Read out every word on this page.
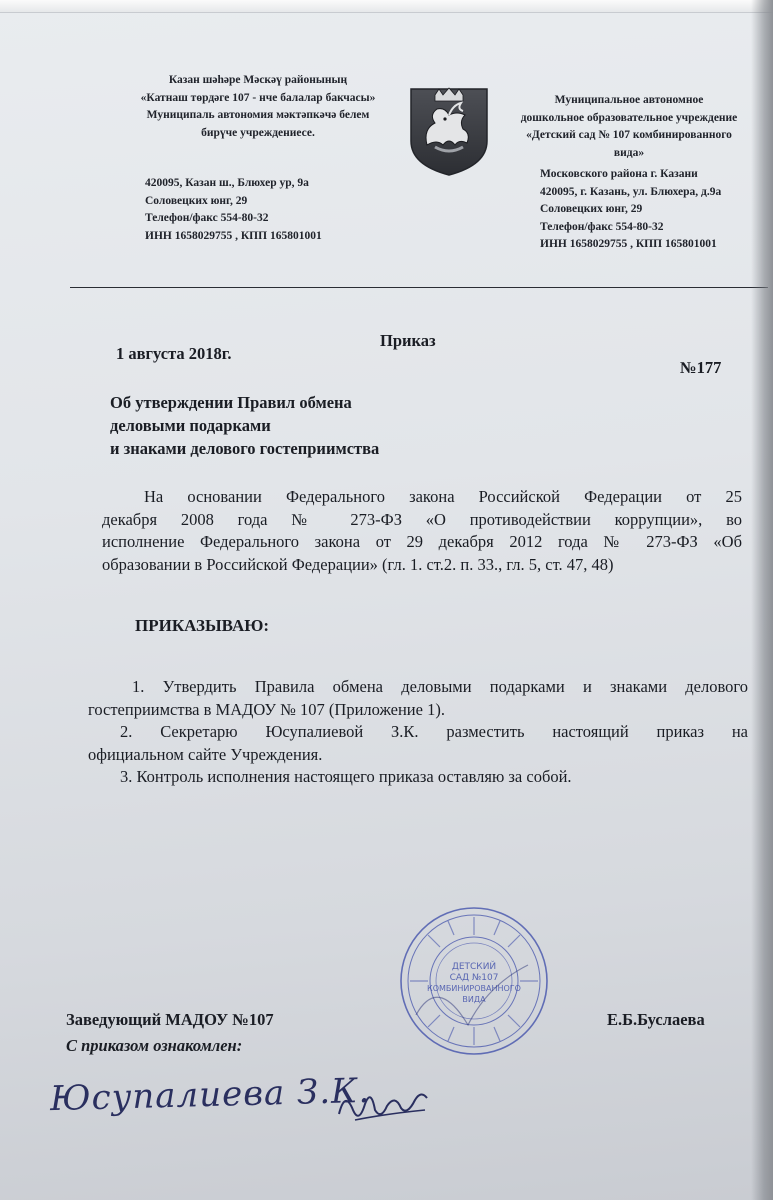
Казан шәһәре Мәскәү районының
«Катнаш төрдәге 107 - нче балалар бакчасы»
Муниципаль автономия мәктәпкәчә белем
бирүче учреждениесе.
420095, Казан ш., Блюхер ур, 9а
Соловецких юнг, 29
Телефон/факс 554-80-32
ИНН 1658029755 , КПП 165801001
Муниципальное автономное
дошкольное образовательное учреждение
«Детский сад № 107 комбинированного
вида»
Московского района г. Казани
420095, г. Казань, ул. Блюхера, д.9а
Соловецких юнг, 29
Телефон/факс 554-80-32
ИНН 1658029755 , КПП 165801001
Приказ
1 августа 2018г.
№177
Об утверждении Правил обмена
деловыми подарками
и знаками делового гостеприимства
На основании Федерального закона Российской Федерации от 25
декабря 2008 года № 273-ФЗ «О противодействии коррупции», во
исполнение Федерального закона от 29 декабря 2012 года № 273-ФЗ «Об
образовании в Российской Федерации» (гл. 1. ст.2. п. 33., гл. 5, ст. 47, 48)
ПРИКАЗЫВАЮ:
1. Утвердить Правила обмена деловыми подарками и знаками делового
гостеприимства в МАДОУ № 107 (Приложение 1).
2. Секретарю Юсупалиевой З.К. разместить настоящий приказ на
официальном сайте Учреждения.
3. Контроль исполнения настоящего приказа оставляю за собой.
ДЕТСКИЙ
САД №107
КОМБИНИРОВАННОГО
ВИДА
Заведующий МАДОУ №107	Е.Б.Буслаева
С приказом ознакомлен:
Юсупалиева З.К.
